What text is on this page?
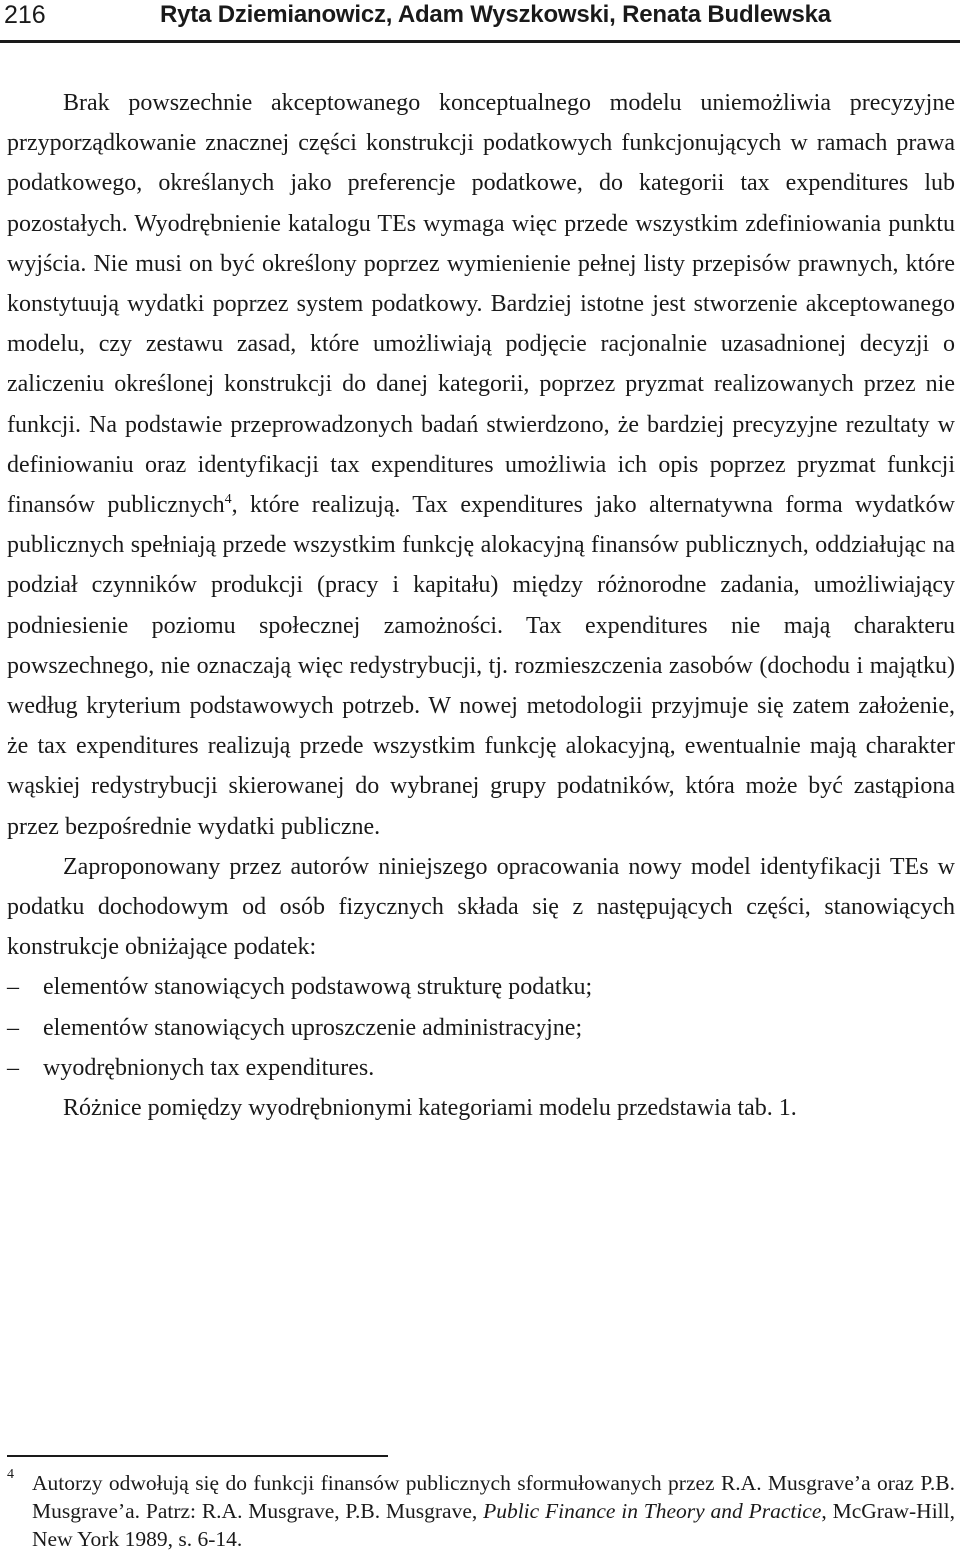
216	Ryta Dziemianowicz, Adam Wyszkowski, Renata Budlewska

Brak powszechnie akceptowanego konceptualnego modelu uniemożliwia precyzyjne przyporządkowanie znacznej części konstrukcji podatkowych funkcjonujących w ramach prawa podatkowego, określanych jako preferencje podatkowe, do kategorii tax expenditures lub pozostałych. Wyodrębnienie katalogu TEs wymaga więc przede wszystkim zdefiniowania punktu wyjścia. Nie musi on być określony poprzez wymienienie pełnej listy przepisów prawnych, które konstytuują wydatki poprzez system podatkowy. Bardziej istotne jest stworzenie akceptowanego modelu, czy zestawu zasad, które umożliwiają podjęcie racjonalnie uzasadnionej decyzji o zaliczeniu określonej konstrukcji do danej kategorii, poprzez pryzmat realizowanych przez nie funkcji. Na podstawie przeprowadzonych badań stwierdzono, że bardziej precyzyjne rezultaty w definiowaniu oraz identyfikacji tax expenditures umożliwia ich opis poprzez pryzmat funkcji finansów publicznych$^4$, które realizują. Tax expenditures jako alternatywna forma wydatków publicznych spełniają przede wszystkim funkcję alokacyjną finansów publicznych, oddziałując na podział czynników produkcji (pracy i kapitału) między różnorodne zadania, umożliwiający podniesienie poziomu społecznej zamożności. Tax expenditures nie mają charakteru powszechnego, nie oznaczają więc redystrybucji, tj. rozmieszczenia zasobów (dochodu i majątku) według kryterium podstawowych potrzeb. W nowej metodologii przyjmuje się zatem założenie, że tax expenditures realizują przede wszystkim funkcję alokacyjną, ewentualnie mają charakter wąskiej redystrybucji skierowanej do wybranej grupy podatników, która może być zastąpiona przez bezpośrednie wydatki publiczne.

Zaproponowany przez autorów niniejszego opracowania nowy model identyfikacji TEs w podatku dochodowym od osób fizycznych składa się z następujących części, stanowiących konstrukcje obniżające podatek:

– elementów stanowiących podstawową strukturę podatku;
– elementów stanowiących uproszczenie administracyjne;
– wyodrębnionych tax expenditures.

Różnice pomiędzy wyodrębnionymi kategoriami modelu przedstawia tab. 1.

4 Autorzy odwołują się do funkcji finansów publicznych sformułowanych przez R.A. Musgrave’a oraz P.B. Musgrave’a. Patrz: R.A. Musgrave, P.B. Musgrave, Public Finance in Theory and Practice, McGraw-Hill, New York 1989, s. 6-14.
